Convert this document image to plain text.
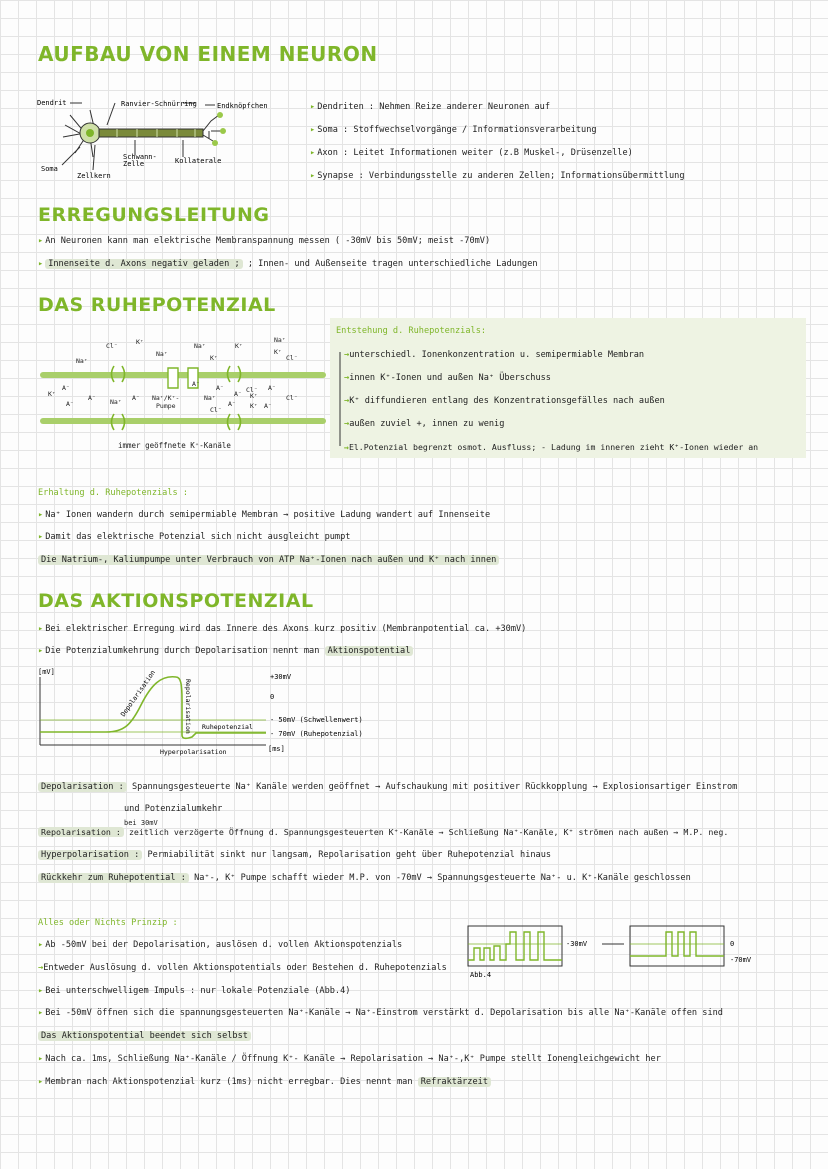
AUFBAU VON EINEM NEURON
Dendrit	Ranvier-Schnürring	Endknöpfchen
Soma
Zellkern
Schwann-
Zelle	Kollaterale
▸ Dendriten : Nehmen Reize anderer Neuronen auf
▸ Soma : Stoffwechselvorgänge / Informationsverarbeitung
▸ Axon : Leitet Informationen weiter (z.B Muskel-, Drüsenzelle)
▸ Synapse : Verbindungsstelle zu anderen Zellen; Informationsübermittlung
ERREGUNGSLEITUNG
▸ An Neuronen kann man elektrische Membranspannung messen ( -30mV bis 50mV; meist -70mV)
▸ Innenseite d. Axons negativ geladen ; ; Innen- und Außenseite tragen unterschiedliche Ladungen
DAS RUHEPOTENZIAL
Cl⁻	K⁺
Na⁺
Na⁺	K⁺
Na⁺	K⁺
Na⁺
Cl⁻
K⁺
K⁺
A⁻
A⁻
A⁻ Na⁺ A⁻	Na⁺
A⁻ A⁻
Cl⁻
A⁻ K⁺
A⁻ Cl⁻
K⁺
A⁻
Cl⁻
A⁻
Na⁺/K⁺-
Pumpe
immer geöffnete K⁺-Kanäle
Entstehung d. Ruhepotenzials:
→unterschiedl. Ionenkonzentration u. semipermiable Membran
→innen K⁺-Ionen und außen Na⁺ Überschuss
→K⁺ diffundieren entlang des Konzentrationsgefälles nach außen
→außen zuviel +, innen zu wenig
→El.Potenzial begrenzt osmot. Ausfluss; - Ladung im inneren zieht K⁺-Ionen wieder an
Erhaltung d. Ruhepotenzials :
▸ Na⁺ Ionen wandern durch semipermiable Membran → positive Ladung wandert auf Innenseite
▸ Damit das elektrische Potenzial sich nicht ausgleicht pumpt
Die Natrium-, Kaliumpumpe unter Verbrauch von ATP Na⁺-Ionen nach außen und K⁺ nach innen
DAS AKTIONSPOTENZIAL
▸ Bei elektrischer Erregung wird das Innere des Axons kurz positiv (Membranpotential ca. +30mV)
▸ Die Potenzialumkehrung durch Depolarisation nennt man Aktionspotential
[mV]	Depolarisation	Repolarisation Ruhepotenzial
Hyperpolarisation	[ms]
+30mV
0
- 50mV (Schwellenwert)
- 70mV (Ruhepotenzial)
Depolarisation : Spannungsgesteuerte Na⁺ Kanäle werden geöffnet → Aufschaukung mit positiver Rückkopplung → Explosionsartiger Einstrom
und Potenzialumkehr
bei 30mV
Repolarisation : zeitlich verzögerte Öffnung d. Spannungsgesteuerten K⁺-Kanäle → Schließung Na⁺-Kanäle, K⁺ strömen nach außen → M.P. neg.
Hyperpolarisation : Permiabilität sinkt nur langsam, Repolarisation geht über Ruhepotenzial hinaus
Rückkehr zum Ruhepotential : Na⁺-, K⁺ Pumpe schafft wieder M.P. von -70mV → Spannungsgesteuerte Na⁺- u. K⁺-Kanäle geschlossen
Alles oder Nichts Prinzip :
▸ Ab -50mV bei der Depolarisation, auslösen d. vollen Aktionspotenzials
→Entweder Auslösung d. vollen Aktionspotentials oder Bestehen d. Ruhepotenzials
▸ Bei unterschwelligem Impuls : nur lokale Potenziale (Abb.4)
▸ Bei -50mV öffnen sich die spannungsgesteuerten Na⁺-Kanäle → Na⁺-Einstrom verstärkt d. Depolarisation bis alle Na⁺-Kanäle offen sind
Das Aktionspotential beendet sich selbst
▸ Nach ca. 1ms, Schließung Na⁺-Kanäle / Öffnung K⁺- Kanäle → Repolarisation → Na⁺-,K⁺ Pumpe stellt Ionengleichgewicht her
▸ Membran nach Aktionspotenzial kurz (1ms) nicht erregbar. Dies nennt man Refraktärzeit
Abb.4
-30mV	0
-70mV
